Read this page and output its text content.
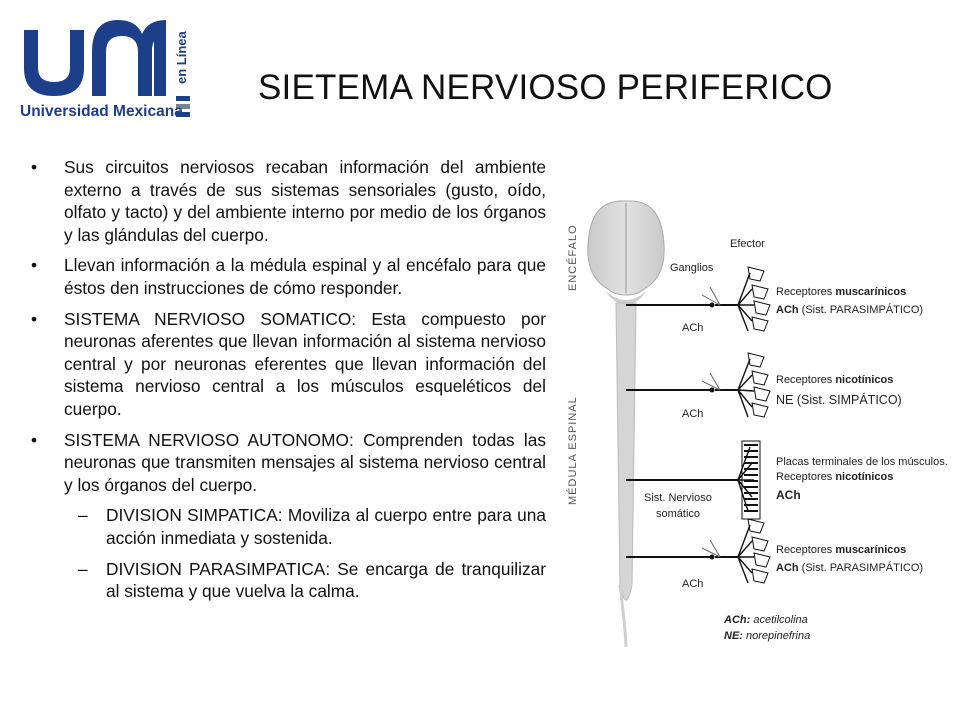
en Línea
Universidad Mexicana
SIETEMA NERVIOSO PERIFERICO
• Sus circuitos nerviosos recaban información del ambiente externo a través de sus sistemas sensoriales (gusto, oído, olfato y tacto) y del ambiente interno por medio de los órganos y las glándulas del cuerpo.
• Llevan información a la médula espinal y al encéfalo para que éstos den instrucciones de cómo responder.
• SISTEMA NERVIOSO SOMATICO: Esta compuesto por neuronas aferentes que llevan información al sistema nervioso central y por neuronas eferentes que llevan información del sistema nervioso central a los músculos esqueléticos del cuerpo.
• SISTEMA NERVIOSO AUTONOMO: Comprenden todas las neuronas que transmiten mensajes al sistema nervioso central y los órganos del cuerpo.
– DIVISION SIMPATICA: Moviliza al cuerpo entre para una acción inmediata y sostenida.
– DIVISION PARASIMPATICA: Se encarga de tranquilizar al sistema y que vuelva la calma.
ENCÉFALO
MÉDULA ESPINAL
Efector
Ganglios
ACh
Receptores muscarínicos
ACh (Sist. PARASIMPÁTICO)
ACh
Receptores nicotínicos
NE (Sist. SIMPÁTICO)
Sist. Nervioso
somático
Placas terminales de los músculos.
Receptores nicotínicos
ACh
ACh
Receptores muscarínicos
ACh (Sist. PARASIMPÁTICO)
ACh: acetilcolina
NE: norepinefrina
